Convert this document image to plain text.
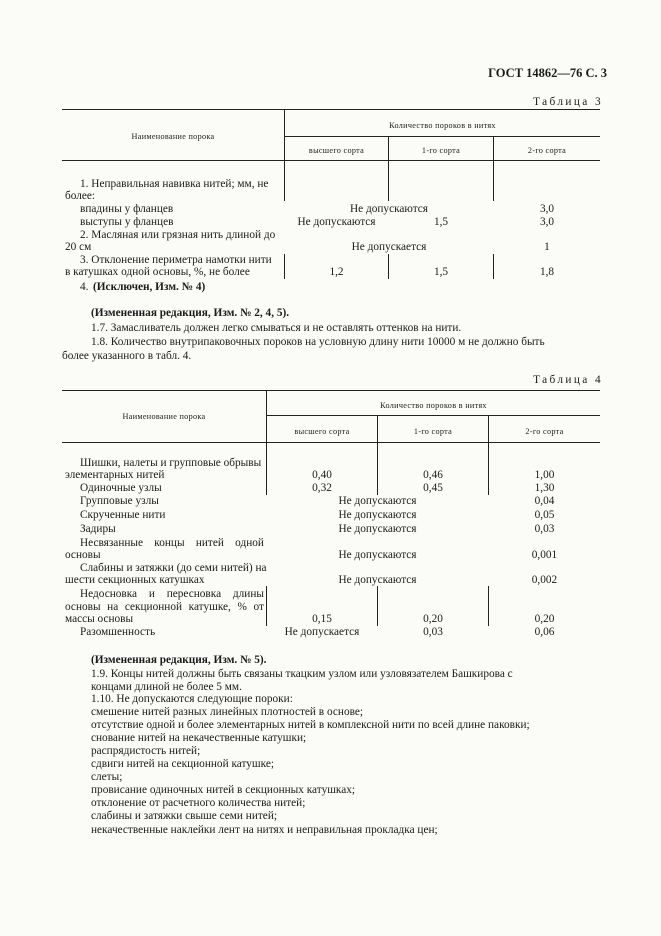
ГОСТ 14862—76 С. 3
Таблица 3
Наименование порока
Количество пороков в нитях
высшего сорта	1-го сорта	2-го сорта
1. Неправильная навивка нитей; мм, не
более:
впадины у фланцев	Не допускаются	3,0
выступы у фланцев	Не допускаются	1,5	3,0
2. Масляная или грязная нить длиной до
20 см	Не допускается	1
3. Отклонение периметра намотки нити
в катушках одной основы, %, не более	1,2	1,5	1,8
4. (Исключен, Изм. № 4)
(Измененная редакция, Изм. № 2, 4, 5).
1.7. Замасливатель должен легко смываться и не оставлять оттенков на нити.
1.8. Количество внутрипаковочных пороков на условную длину нити 10000 м не должно быть
более указанного в табл. 4.
Таблица 4
Наименование порока
Количество пороков в нитях
высшего сорта	1-го сорта	2-го сорта
Шишки, налеты и групповые обрывы
элементарных нитей	0,40	0,46	1,00
Одиночные узлы	0,32	0,45	1,30
Групповые узлы	Не допускаются	0,04
Скрученные нити	Не допускаются	0,05
Задиры	Не допускаются	0,03
Несвязанные концы нитей одной
основы	Не допускаются	0,001
Слабины и затяжки (до семи нитей) на
шести секционных катушках	Не допускаются	0,002
Недосновка и пересновка длины
основы на секционной катушке, % от
массы основы	0,15	0,20	0,20
Разомшенность	Не допускается	0,03	0,06
(Измененная редакция, Изм. № 5).
1.9. Концы нитей должны быть связаны ткацким узлом или узловязателем Башкирова с
концами длиной не более 5 мм.
1.10. Не допускаются следующие пороки:
смешение нитей разных линейных плотностей в основе;
отсутствие одной и более элементарных нитей в комплексной нити по всей длине паковки;
снование нитей на некачественные катушки;
распрядистость нитей;
сдвиги нитей на секционной катушке;
слеты;
провисание одиночных нитей в секционных катушках;
отклонение от расчетного количества нитей;
слабины и затяжки свыше семи нитей;
некачественные наклейки лент на нитях и неправильная прокладка цен;
